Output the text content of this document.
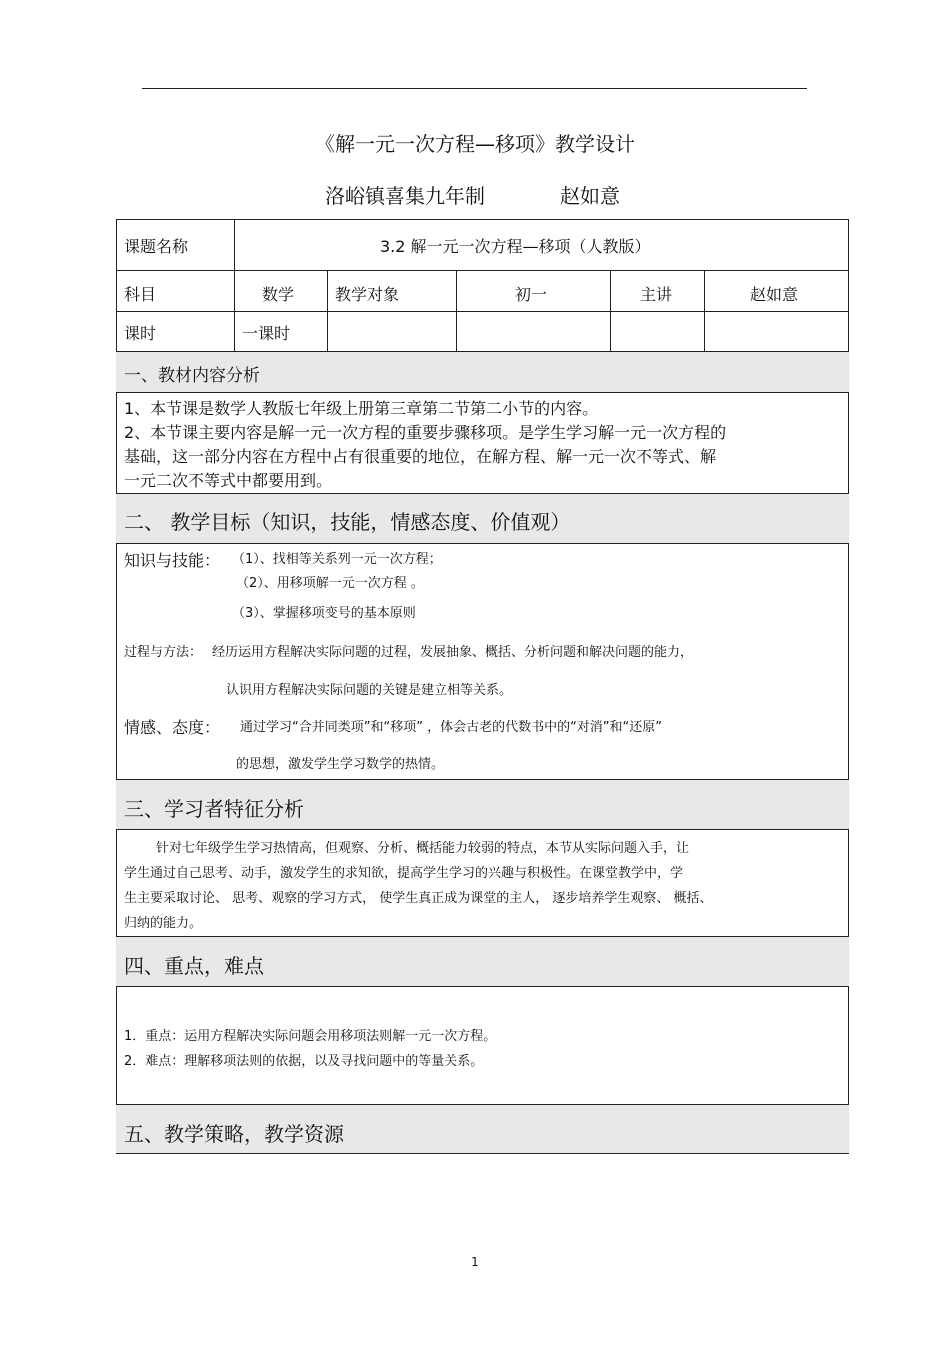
《解一元一次方程—移项》教学设计
洛峪镇喜集九年制	赵如意
课题名称	3.2 解一元一次方程—移项（人教版）
科目	数学	教学对象	初一	主讲	赵如意
课时	一课时
一、教材内容分析
1、本节课是数学人教版七年级上册第三章第二节第二小节的内容。
2、本节课主要内容是解一元一次方程的重要步骤移项。是学生学习解一元一次方程的
基础，这一部分内容在方程中占有很重要的地位，在解方程、解一元一次不等式、解
一元二次不等式中都要用到。
二、 教学目标（知识，技能，情感态度、价值观）
知识与技能： （1）、找相等关系列一元一次方程；
（2）、用移项解一元一次方程 。
（3）、掌握移项变号的基本原则
过程与方法： 经历运用方程解决实际问题的过程，发展抽象、概括、分析问题和解决问题的能力，
认识用方程解决实际问题的关键是建立相等关系。
情感、态度： 通过学习“合并同类项”和“移项” ，体会古老的代数书中的“对消”和“还原”
的思想，激发学生学习数学的热情。
三、学习者特征分析
针对七年级学生学习热情高，但观察、分析、概括能力较弱的特点，本节从实际问题入手，让
学生通过自己思考、动手，激发学生的求知欲，提高学生学习的兴趣与积极性。在课堂教学中，学
生主要采取讨论、 思考、观察的学习方式， 使学生真正成为课堂的主人， 逐步培养学生观察、 概括、
归纳的能力。
四、重点，难点
1．重点：运用方程解决实际问题会用移项法则解一元一次方程。
2．难点：理解移项法则的依据，以及寻找问题中的等量关系。
五、教学策略，教学资源
1
